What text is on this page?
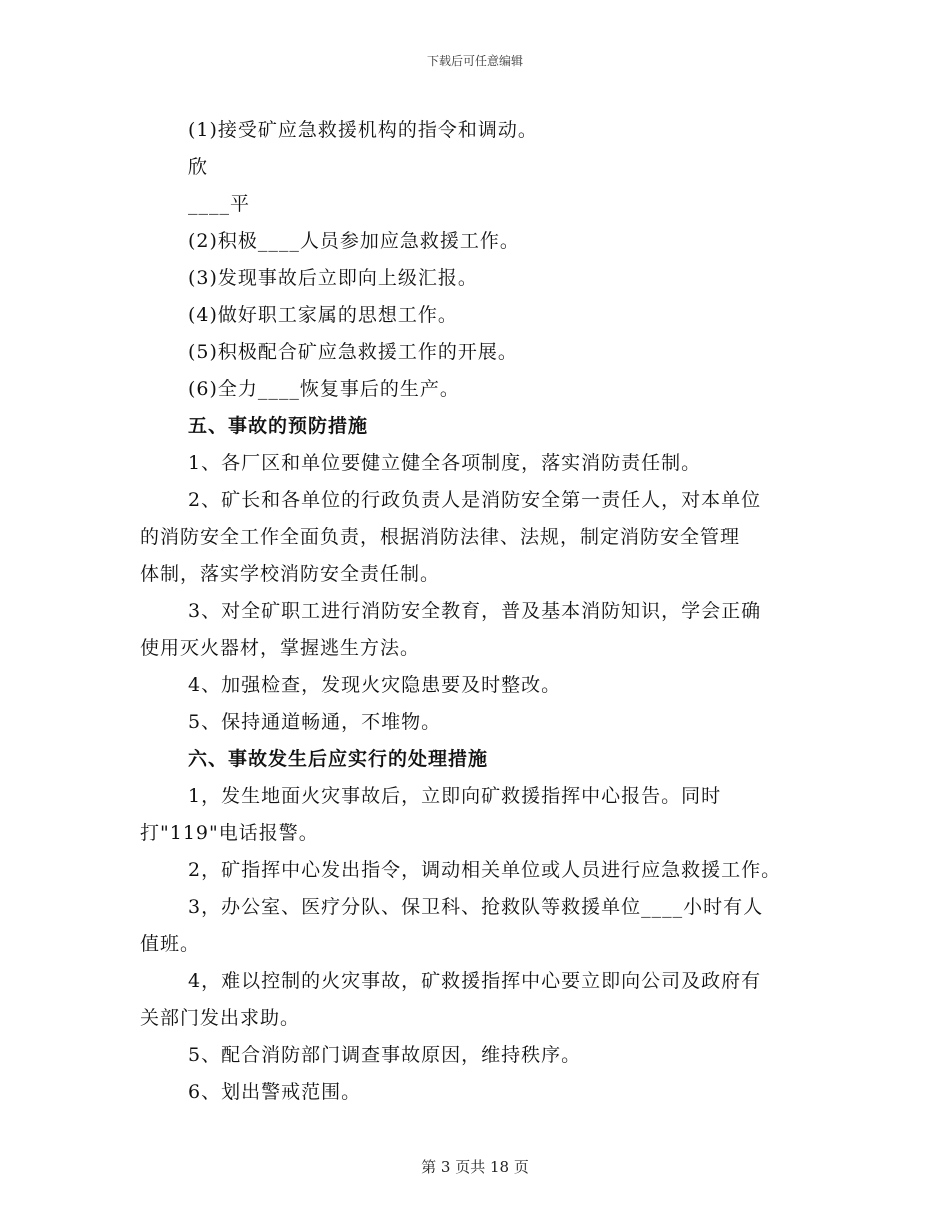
下载后可任意编辑
(1)接受矿应急救援机构的指令和调动。
欣
____平
(2)积极____人员参加应急救援工作。
(3)发现事故后立即向上级汇报。
(4)做好职工家属的思想工作。
(5)积极配合矿应急救援工作的开展。
(6)全力____恢复事后的生产。
五、事故的预防措施
1、各厂区和单位要健立健全各项制度，落实消防责任制。
2、矿长和各单位的行政负责人是消防安全第一责任人，对本单位
的消防安全工作全面负责，根据消防法律、法规，制定消防安全管理
体制，落实学校消防安全责任制。
3、对全矿职工进行消防安全教育，普及基本消防知识，学会正确
使用灭火器材，掌握逃生方法。
4、加强检查，发现火灾隐患要及时整改。
5、保持通道畅通，不堆物。
六、事故发生后应实行的处理措施
1，发生地面火灾事故后，立即向矿救援指挥中心报告。同时
打"119"电话报警。
2，矿指挥中心发出指令，调动相关单位或人员进行应急救援工作。
3，办公室、医疗分队、保卫科、抢救队等救援单位____小时有人
值班。
4，难以控制的火灾事故，矿救援指挥中心要立即向公司及政府有
关部门发出求助。
5、配合消防部门调查事故原因，维持秩序。
6、划出警戒范围。
第 3 页共 18 页
